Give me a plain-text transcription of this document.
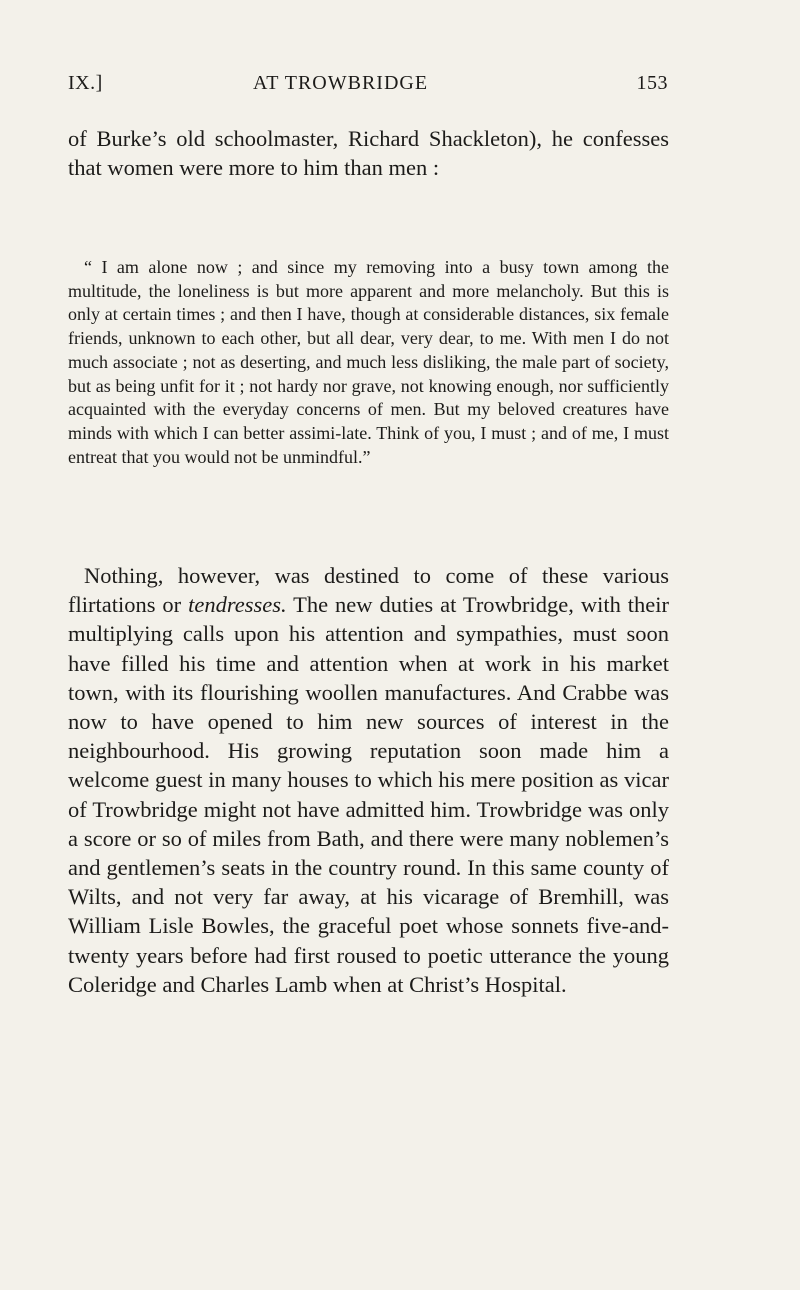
IX.]	AT TROWBRIDGE	153

of Burke’s old schoolmaster, Richard Shackleton), he confesses that women were more to him than men :

“ I am alone now ; and since my removing into a busy town among the multitude, the loneliness is but more apparent and more melancholy. But this is only at certain times ; and then I have, though at considerable distances, six female friends, unknown to each other, but all dear, very dear, to me. With men I do not much associate ; not as deserting, and much less disliking, the male part of society, but as being unfit for it ; not hardy nor grave, not knowing enough, nor sufficiently acquainted with the everyday concerns of men. But my beloved creatures have minds with which I can better assimi-late. Think of you, I must ; and of me, I must entreat that you would not be unmindful.”

Nothing, however, was destined to come of these various flirtations or tendresses. The new duties at Trowbridge, with their multiplying calls upon his attention and sympathies, must soon have filled his time and attention when at work in his market town, with its flourishing woollen manufactures. And Crabbe was now to have opened to him new sources of interest in the neighbourhood. His growing reputation soon made him a welcome guest in many houses to which his mere position as vicar of Trowbridge might not have admitted him. Trowbridge was only a score or so of miles from Bath, and there were many noblemen’s and gentlemen’s seats in the country round. In this same county of Wilts, and not very far away, at his vicarage of Bremhill, was William Lisle Bowles, the graceful poet whose sonnets five-and-twenty years before had first roused to poetic utterance the young Coleridge and Charles Lamb when at Christ’s Hospital.
